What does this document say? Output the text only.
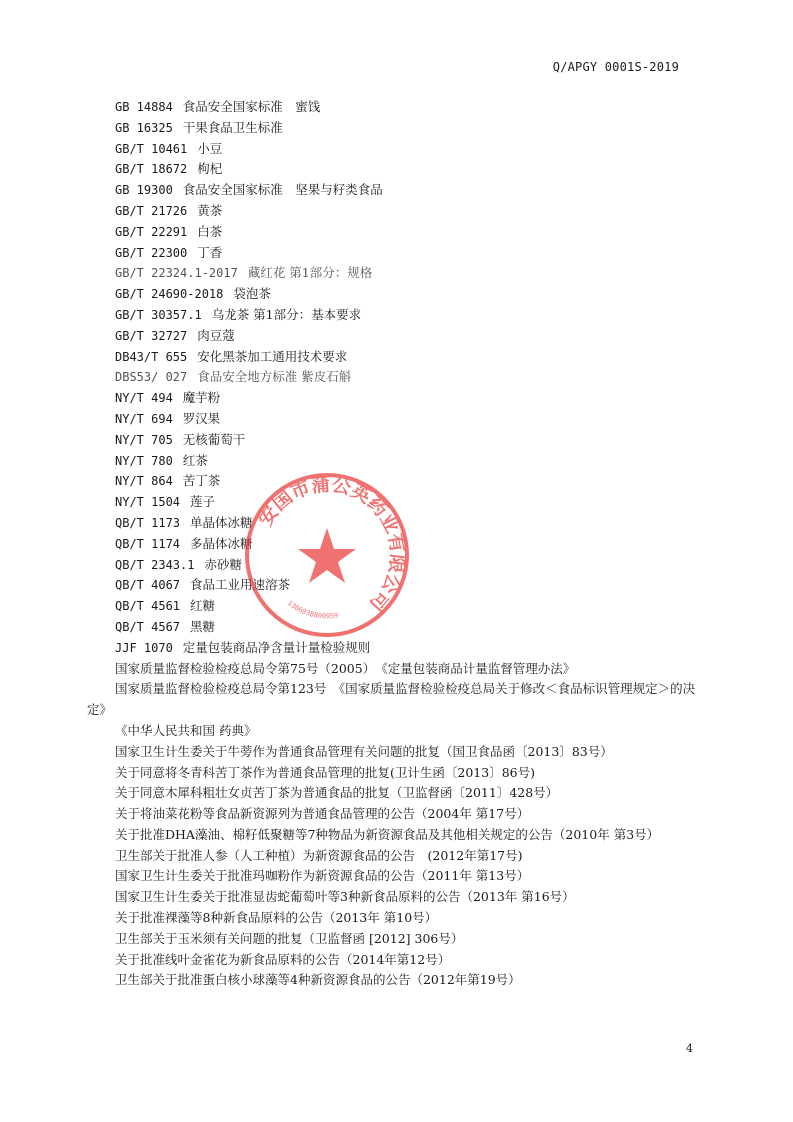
Q/APGY 0001S-2019
GB 14884 食品安全国家标准　蜜饯
GB 16325 干果食品卫生标准
GB/T 10461 小豆
GB/T 18672 枸杞
GB 19300 食品安全国家标准　坚果与籽类食品
GB/T 21726 黄茶
GB/T 22291 白茶
GB/T 22300 丁香
GB/T 22324.1-2017 藏红花 第1部分：规格
GB/T 24690-2018 袋泡茶
GB/T 30357.1 乌龙茶 第1部分：基本要求
GB/T 32727 肉豆蔻
DB43/T 655 安化黑茶加工通用技术要求
DBS53/ 027 食品安全地方标准 紫皮石斛
NY/T 494 魔芋粉
NY/T 694 罗汉果
NY/T 705 无核葡萄干
NY/T 780 红茶
NY/T 864 苦丁茶
NY/T 1504 莲子
QB/T 1173 单晶体冰糖
QB/T 1174 多晶体冰糖
QB/T 2343.1 赤砂糖
QB/T 4067 食品工业用速溶茶
QB/T 4561 红糖
QB/T 4567 黑糖
JJF 1070 定量包装商品净含量计量检验规则
国家质量监督检验检疫总局令第75号（2005）　《定量包装商品计量监督管理办法》
国家质量监督检验检疫总局令第123号　《国家质量监督检验检疫总局关于修改＜食品标识管理规定＞的决定》
《中华人民共和国 药典》
国家卫生计生委关于牛蒡作为普通食品管理有关问题的批复（国卫食品函〔2013〕83号）
关于同意将冬青科苦丁茶作为普通食品管理的批复(卫计生函〔2013〕86号)
关于同意木犀科粗壮女贞苦丁茶为普通食品的批复（卫监督函〔2011〕428号）
关于将油菜花粉等食品新资源列为普通食品管理的公告（2004年 第17号）
关于批准DHA藻油、棉籽低聚糖等7种物品为新资源食品及其他相关规定的公告（2010年 第3号）
卫生部关于批准人参（人工种植）为新资源食品的公告　(2012年第17号)
国家卫生计生委关于批准玛咖粉作为新资源食品的公告（2011年 第13号）
国家卫生计生委关于批准显齿蛇葡萄叶等3种新食品原料的公告（2013年 第16号）
关于批准裸藻等8种新食品原料的公告（2013年 第10号）
卫生部关于玉米须有关问题的批复（卫监督函 [2012] 306号）
关于批准线叶金雀花为新食品原料的公告（2014年第12号）
卫生部关于批准蛋白核小球藻等4种新资源食品的公告（2012年第19号）
安国市蒲公英药业有限公司
1306838800959
4
